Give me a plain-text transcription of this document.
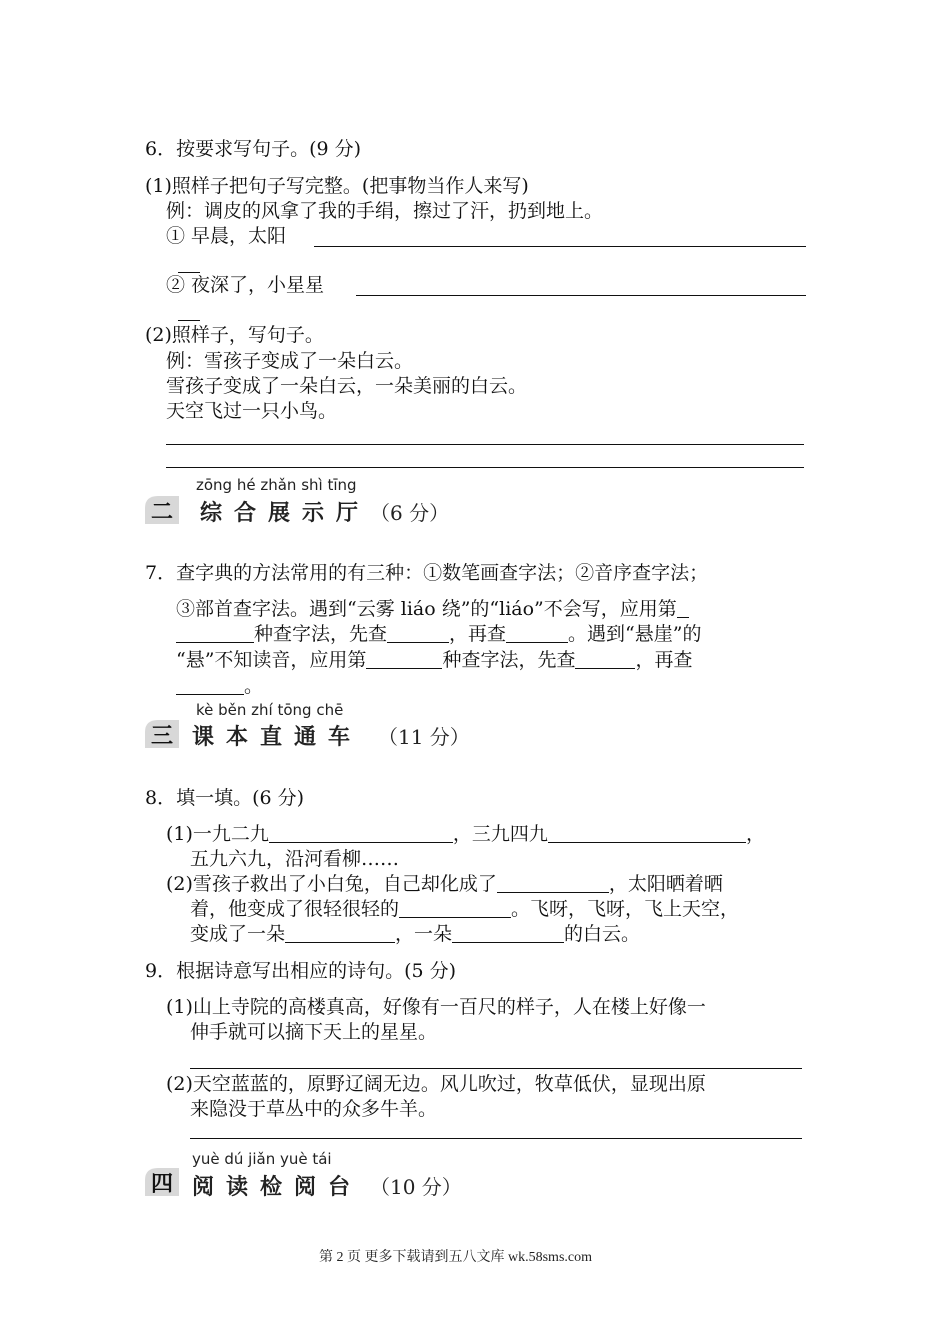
6．按要求写句子。(9 分)
(1)照样子把句子写完整。(把事物当作人来写)
例：调皮的风拿了我的手绢，擦过了汗，扔到地上。
① 早晨，太阳
② 夜深了，小星星
(2)照样子，写句子。
例：雪孩子变成了一朵白云。
雪孩子变成了一朵白云，一朵美丽的白云。
天空飞过一只小鸟。
zōng hé zhǎn shì tīng
二 综合展示厅 （6 分）
7．查字典的方法常用的有三种：①数笔画查字法；②音序查字法；
③部首查字法。遇到“云雾 liáo 绕”的“liáo”不会写，应用第
种查字法，先查	，再查	。遇到“悬崖”的
“悬”不知读音，应用第	种查字法，先查	，再查
。
kè běn zhí tōng chē
三 课本直通车 （11 分）
8．填一填。(6 分)
(1)一九二九	，三九四九	，
五九六九，沿河看柳……
(2)雪孩子救出了小白兔，自己却化成了	，太阳晒着晒
着，他变成了很轻很轻的	。飞呀，飞呀，飞上天空，
变成了一朵	，一朵	的白云。
9．根据诗意写出相应的诗句。(5 分)
(1)山上寺院的高楼真高，好像有一百尺的样子，人在楼上好像一
伸手就可以摘下天上的星星。
(2)天空蓝蓝的，原野辽阔无边。风儿吹过，牧草低伏，显现出原
来隐没于草丛中的众多牛羊。
yuè dú jiǎn yuè tái
四 阅读检阅台 （10 分）
第 2 页 更多下载请到五八文库 wk.58sms.com
